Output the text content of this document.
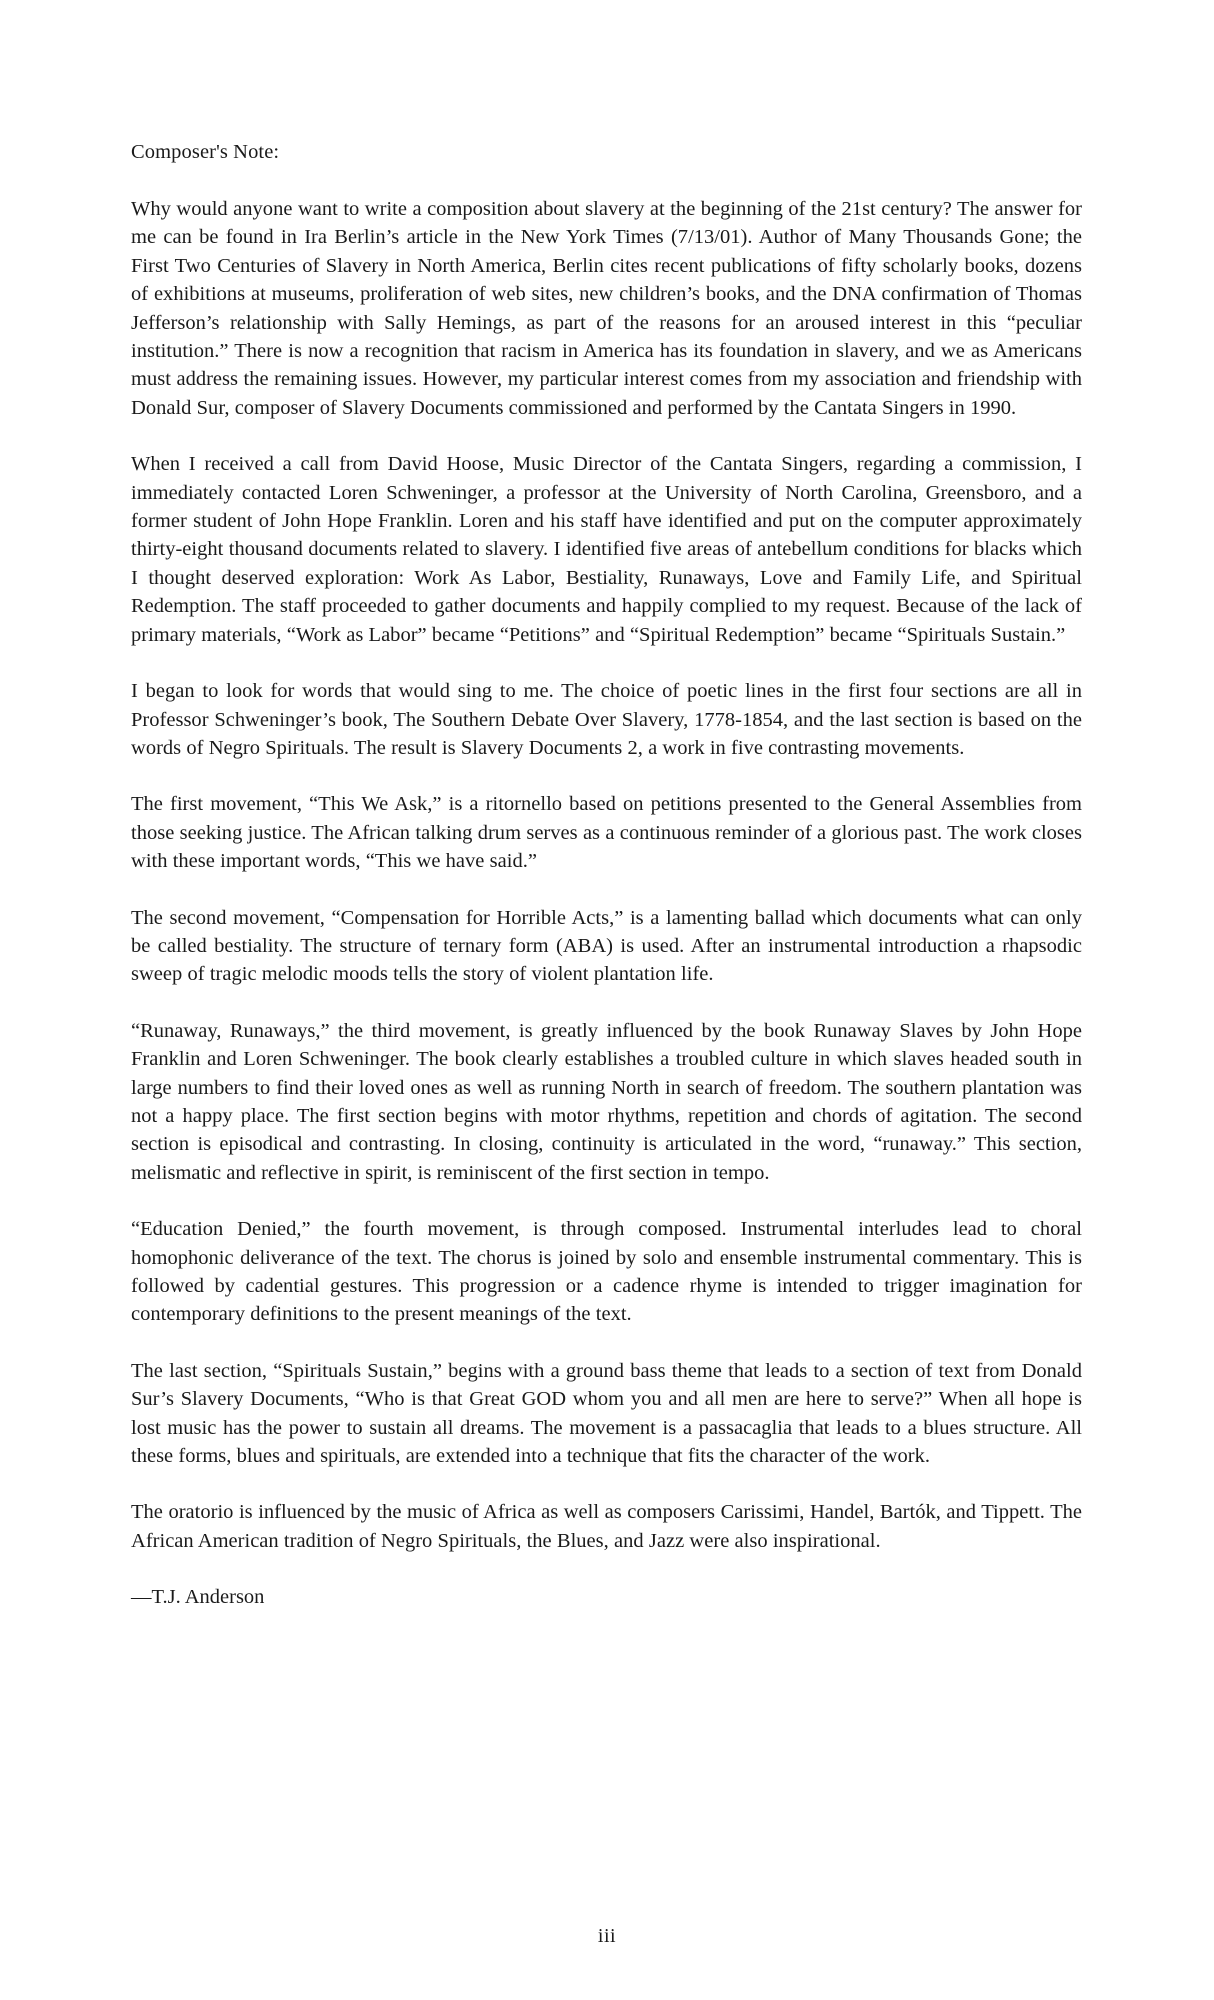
Composer's Note:

Why would anyone want to write a composition about slavery at the beginning of the 21st century? The answer for me can be found in Ira Berlin’s article in the New York Times (7/13/01). Author of Many Thousands Gone; the First Two Centuries of Slavery in North America, Berlin cites recent publications of fifty scholarly books, dozens of exhibitions at museums, proliferation of web sites, new children’s books, and the DNA confirmation of Thomas Jefferson’s relationship with Sally Hemings, as part of the reasons for an aroused interest in this “peculiar institution.” There is now a recognition that racism in America has its foundation in slavery, and we as Americans must address the remaining issues. However, my particular interest comes from my association and friendship with Donald Sur, composer of Slavery Documents commissioned and performed by the Cantata Singers in 1990.

When I received a call from David Hoose, Music Director of the Cantata Singers, regarding a commission, I immediately contacted Loren Schweninger, a professor at the University of North Carolina, Greensboro, and a former student of John Hope Franklin. Loren and his staff have identified and put on the computer approximately thirty-eight thousand documents related to slavery. I identified five areas of antebellum conditions for blacks which I thought deserved exploration: Work As Labor, Bestiality, Runaways, Love and Family Life, and Spiritual Redemption. The staff proceeded to gather documents and happily complied to my request. Because of the lack of primary materials, “Work as Labor” became “Petitions” and “Spiritual Redemption” became “Spirituals Sustain.”

I began to look for words that would sing to me. The choice of poetic lines in the first four sections are all in Professor Schweninger’s book, The Southern Debate Over Slavery, 1778-1854, and the last section is based on the words of Negro Spirituals. The result is Slavery Documents 2, a work in five contrasting movements.

The first movement, “This We Ask,” is a ritornello based on petitions presented to the General Assemblies from those seeking justice. The African talking drum serves as a continuous reminder of a glorious past. The work closes with these important words, “This we have said.”

The second movement, “Compensation for Horrible Acts,” is a lamenting ballad which documents what can only be called bestiality. The structure of ternary form (ABA) is used. After an instrumental introduction a rhapsodic sweep of tragic melodic moods tells the story of violent plantation life.

“Runaway, Runaways,” the third movement, is greatly influenced by the book Runaway Slaves by John Hope Franklin and Loren Schweninger. The book clearly establishes a troubled culture in which slaves headed south in large numbers to find their loved ones as well as running North in search of freedom. The southern plantation was not a happy place. The first section begins with motor rhythms, repetition and chords of agitation. The second section is episodical and contrasting. In closing, continuity is articulated in the word, “runaway.” This section, melismatic and reflective in spirit, is reminiscent of the first section in tempo.

“Education Denied,” the fourth movement, is through composed. Instrumental interludes lead to choral homophonic deliverance of the text. The chorus is joined by solo and ensemble instrumental commentary. This is followed by cadential gestures. This progression or a cadence rhyme is intended to trigger imagination for contemporary definitions to the present meanings of the text.

The last section, “Spirituals Sustain,” begins with a ground bass theme that leads to a section of text from Donald Sur’s Slavery Documents, “Who is that Great GOD whom you and all men are here to serve?” When all hope is lost music has the power to sustain all dreams. The movement is a passacaglia that leads to a blues structure. All these forms, blues and spirituals, are extended into a technique that fits the character of the work.

The oratorio is influenced by the music of Africa as well as composers Carissimi, Handel, Bartók, and Tippett. The African American tradition of Negro Spirituals, the Blues, and Jazz were also inspirational.

—T.J. Anderson

iii
